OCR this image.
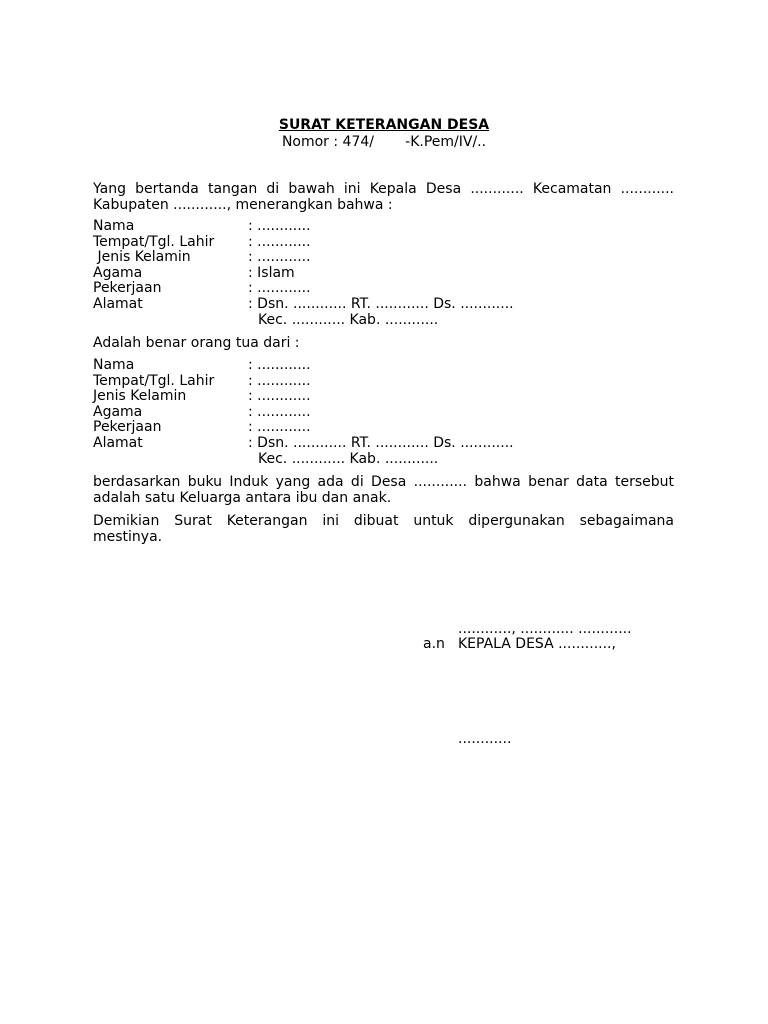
SURAT KETERANGAN DESA
Nomor : 474/       -K.Pem/IV/..
Yang bertanda tangan di bawah ini Kepala Desa ............ Kecamatan ............ Kabupaten ............, menerangkan bahwa :
Nama	: ............
Tempat/Tgl. Lahir	: ............
Jenis Kelamin	: ............
Agama	: Islam
Pekerjaan	: ............
Alamat	: Dsn. ............ RT. ............ Ds. ............
Kec. ............ Kab. ............
Adalah benar orang tua dari :
Nama	: ............
Tempat/Tgl. Lahir	: ............
Jenis Kelamin	: ............
Agama	: ............
Pekerjaan	: ............
Alamat	: Dsn. ............ RT. ............ Ds. ............
Kec. ............ Kab. ............
berdasarkan buku Induk yang ada di Desa ............ bahwa benar data tersebut adalah satu Keluarga antara ibu dan anak.
Demikian Surat Keterangan ini dibuat untuk dipergunakan sebagaimana mestinya.
............, ............ ............
a.n KEPALA DESA ............,
............
